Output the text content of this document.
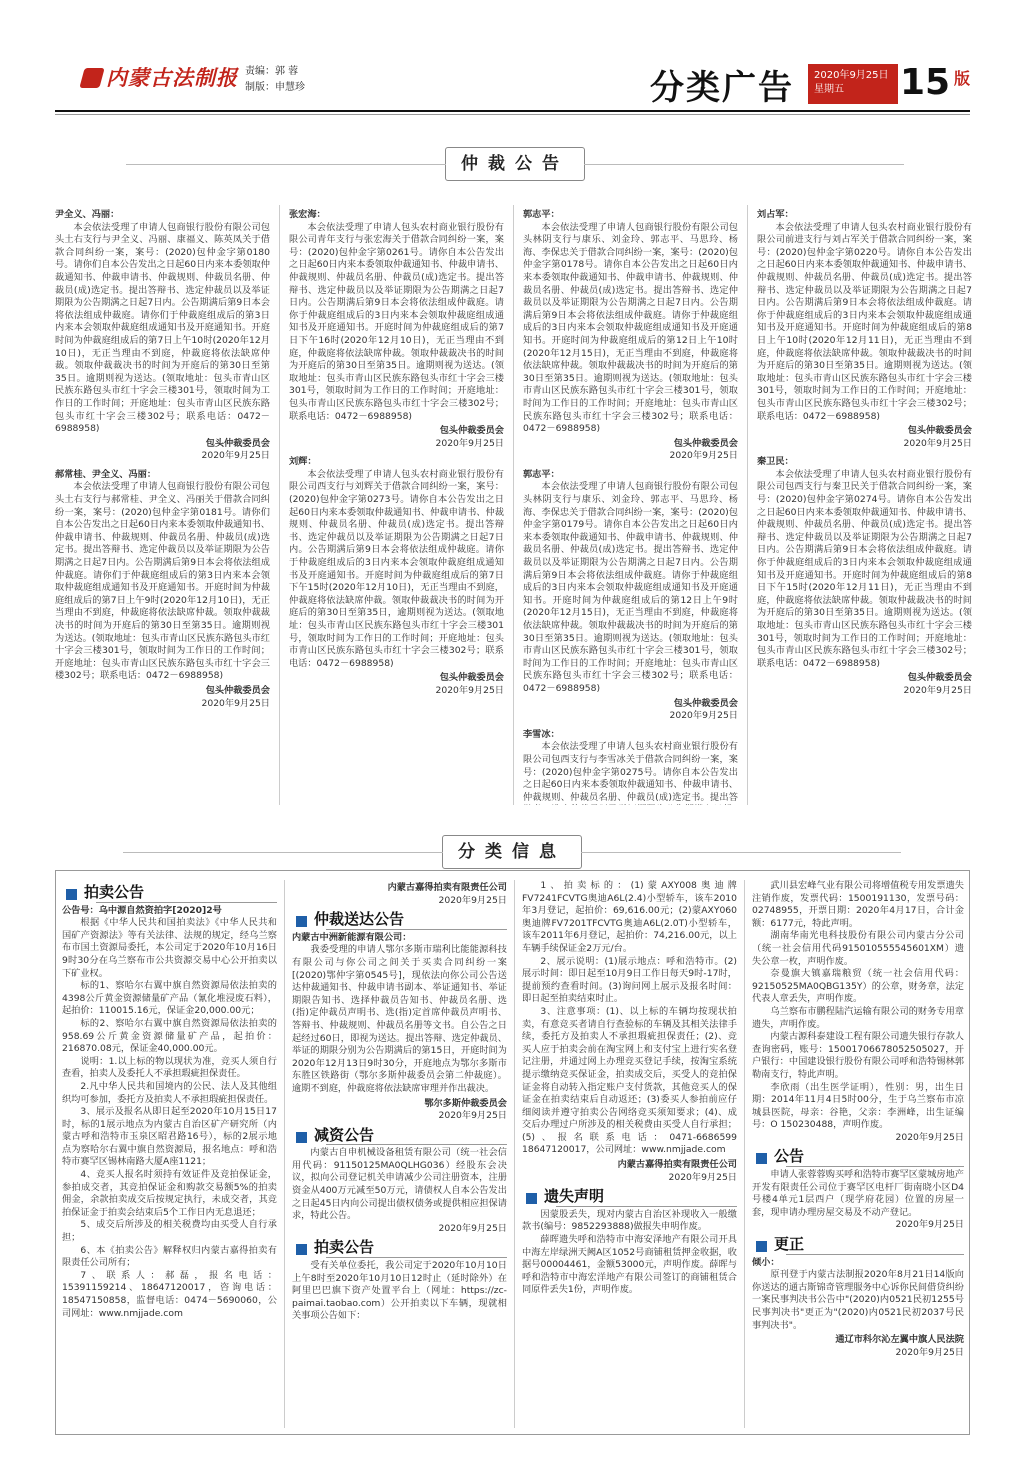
内蒙古法制报 责编：郭 蓉
制版：申慧珍	分类广告 2020年9月25日
星期五	15 版
仲裁公告

尹全义、冯丽：

本会依法受理了申请人包商银行股份有限公司包头土右支行与尹全义、冯丽、康福义、陈英凤关于借款合同纠纷一案，案号：(2020)包仲金字第0180号。请你们自本公告发出之日起60日内来本委领取仲裁通知书、仲裁申请书、仲裁规则、仲裁员名册、仲裁员(成)选定书。提出答辩书、选定仲裁员以及举证期限为公告期满之日起7日内。公告期满后第9日本会将依法组成仲裁庭。请你们于仲裁庭组成后的第3日内来本会领取仲裁庭组成通知书及开庭通知书。开庭时间为仲裁庭组成后的第7日上午10时(2020年12月10日)，无正当理由不到庭，仲裁庭将依法缺席仲裁。领取仲裁裁决书的时间为开庭后的第30日至第35日。逾期则视为送达。(领取地址：包头市青山区民族东路包头市红十字会三楼301号，领取时间为工作日的工作时间；开庭地址：包头市青山区民族东路包头市红十字会三楼302号；联系电话：0472－6988958)

包头仲裁委员会

2020年9月25日

郝常桂、尹全义、冯丽：

本会依法受理了申请人包商银行股份有限公司包头土右支行与郝常桂、尹全义、冯丽关于借款合同纠纷一案，案号：(2020)包仲金字第0181号。请你们自本公告发出之日起60日内来本委领取仲裁通知书、仲裁申请书、仲裁规则、仲裁员名册、仲裁员(成)选定书。提出答辩书、选定仲裁员以及举证期限为公告期满之日起7日内。公告期满后第9日本会将依法组成仲裁庭。请你们于仲裁庭组成后的第3日内来本会领取仲裁庭组成通知书及开庭通知书。开庭时间为仲裁庭组成后的第7日上午9时(2020年12月10日)，无正当理由不到庭，仲裁庭将依法缺席仲裁。领取仲裁裁决书的时间为开庭后的第30日至第35日。逾期则视为送达。(领取地址：包头市青山区民族东路包头市红十字会三楼301号，领取时间为工作日的工作时间；开庭地址：包头市青山区民族东路包头市红十字会三楼302号；联系电话：0472－6988958)

包头仲裁委员会

2020年9月25日

张宏海：

本会依法受理了申请人包头农村商业银行股份有限公司青年支行与张宏海关于借款合同纠纷一案，案号：(2020)包仲金字第0261号。请你自本公告发出之日起60日内来本委领取仲裁通知书、仲裁申请书、仲裁规则、仲裁员名册、仲裁员(成)选定书。提出答辩书、选定仲裁员以及举证期限为公告期满之日起7日内。公告期满后第9日本会将依法组成仲裁庭。请你于仲裁庭组成后的3日内来本会领取仲裁庭组成通知书及开庭通知书。开庭时间为仲裁庭组成后的第7日下午16时(2020年12月10日)，无正当理由不到庭，仲裁庭将依法缺席仲裁。领取仲裁裁决书的时间为开庭后的第30日至第35日。逾期则视为送达。(领取地址：包头市青山区民族东路包头市红十字会三楼301号，领取时间为工作日的工作时间；开庭地址：包头市青山区民族东路包头市红十字会三楼302号；联系电话：0472－6988958)

包头仲裁委员会

2020年9月25日

刘辉：

本会依法受理了申请人包头农村商业银行股份有限公司西支行与刘辉关于借款合同纠纷一案，案号：(2020)包仲金字第0273号。请你自本公告发出之日起60日内来本委领取仲裁通知书、仲裁申请书、仲裁规则、仲裁员名册、仲裁员(成)选定书。提出答辩书、选定仲裁员以及举证期限为公告期满之日起7日内。公告期满后第9日本会将依法组成仲裁庭。请你于仲裁庭组成后的3日内来本会领取仲裁庭组成通知书及开庭通知书。开庭时间为仲裁庭组成后的第7日下午15时(2020年12月10日)，无正当理由不到庭，仲裁庭将依法缺席仲裁。领取仲裁裁决书的时间为开庭后的第30日至第35日，逾期则视为送达。(领取地址：包头市青山区民族东路包头市红十字会三楼301号，领取时间为工作日的工作时间；开庭地址：包头市青山区民族东路包头市红十字会三楼302号；联系电话：0472－6988958)

包头仲裁委员会

2020年9月25日

郭志平：

本会依法受理了申请人包商银行股份有限公司包头林阴支行与康乐、刘金玲、郭志平、马思玲、杨海、李保忠关于借款合同纠纷一案，案号：(2020)包仲金字第0178号。请你自本公告发出之日起60日内来本委领取仲裁通知书、仲裁申请书、仲裁规则、仲裁员名册、仲裁员(成)选定书。提出答辩书、选定仲裁员以及举证期限为公告期满之日起7日内。公告期满后第9日本会将依法组成仲裁庭。请你于仲裁庭组成后的3日内来本会领取仲裁庭组成通知书及开庭通知书。开庭时间为仲裁庭组成后的第12日上午10时(2020年12月15日)，无正当理由不到庭，仲裁庭将依法缺席仲裁。领取仲裁裁决书的时间为开庭后的第30日至第35日。逾期则视为送达。(领取地址：包头市青山区民族东路包头市红十字会三楼301号，领取时间为工作日的工作时间；开庭地址：包头市青山区民族东路包头市红十字会三楼302号；联系电话：0472－6988958)

包头仲裁委员会

2020年9月25日

郭志平：

本会依法受理了申请人包商银行股份有限公司包头林阴支行与康乐、刘金玲、郭志平、马思玲、杨海、李保忠关于借款合同纠纷一案，案号：(2020)包仲金字第0179号。请你自本公告发出之日起60日内来本委领取仲裁通知书、仲裁申请书、仲裁规则、仲裁员名册、仲裁员(成)选定书。提出答辩书、选定仲裁员以及举证期限为公告期满之日起7日内。公告期满后第9日本会将依法组成仲裁庭。请你于仲裁庭组成后的3日内来本会领取仲裁庭组成通知书及开庭通知书。开庭时间为仲裁庭组成后的第12日上午9时(2020年12月15日)，无正当理由不到庭，仲裁庭将依法缺席仲裁。领取仲裁裁决书的时间为开庭后的第30日至第35日。逾期则视为送达。(领取地址：包头市青山区民族东路包头市红十字会三楼301号，领取时间为工作日的工作时间；开庭地址：包头市青山区民族东路包头市红十字会三楼302号；联系电话：0472－6988958)

包头仲裁委员会

2020年9月25日

李雪冰：

本会依法受理了申请人包头农村商业银行股份有限公司包西支行与李雪冰关于借款合同纠纷一案，案号：(2020)包仲金字第0275号。请你自本公告发出之日起60日内来本委领取仲裁通知书、仲裁申请书、仲裁规则、仲裁员名册、仲裁员(成)选定书。提出答

刘占军：

本会依法受理了申请人包头农村商业银行股份有限公司前进支行与刘占军关于借款合同纠纷一案，案号：(2020)包仲金字第0220号。请你自本公告发出之日起60日内来本委领取仲裁通知书、仲裁申请书、仲裁规则、仲裁员名册、仲裁员(成)选定书。提出答辩书、选定仲裁员以及举证期限为公告期满之日起7日内。公告期满后第9日本会将依法组成仲裁庭。请你于仲裁庭组成后的3日内来本会领取仲裁庭组成通知书及开庭通知书。开庭时间为仲裁庭组成后的第8日上午10时(2020年12月11日)，无正当理由不到庭，仲裁庭将依法缺席仲裁。领取仲裁裁决书的时间为开庭后的第30日至第35日。逾期则视为送达。(领取地址：包头市青山区民族东路包头市红十字会三楼301号，领取时间为工作日的工作时间；开庭地址：包头市青山区民族东路包头市红十字会三楼302号；联系电话：0472－6988958)

包头仲裁委员会

2020年9月25日

秦卫民：

本会依法受理了申请人包头农村商业银行股份有限公司包西支行与秦卫民关于借款合同纠纷一案，案号：(2020)包仲金字第0274号。请你自本公告发出之日起60日内来本委领取仲裁通知书、仲裁申请书、仲裁规则、仲裁员名册、仲裁员(成)选定书。提出答辩书、选定仲裁员以及举证期限为公告期满之日起7日内。公告期满后第9日本会将依法组成仲裁庭。请你于仲裁庭组成后的3日内来本会领取仲裁庭组成通知书及开庭通知书。开庭时间为仲裁庭组成后的第8日下午15时(2020年12月11日)，无正当理由不到庭，仲裁庭将依法缺席仲裁。领取仲裁裁决书的时间为开庭后的第30日至第35日。逾期则视为送达。(领取地址：包头市青山区民族东路包头市红十字会三楼301号，领取时间为工作日的工作时间；开庭地址：包头市青山区民族东路包头市红十字会三楼302号；联系电话：0472－6988958)

包头仲裁委员会

2020年9月25日

分类信息
拍卖公告

公告号：乌中源自然资拍字[2020]2号

根据《中华人民共和国拍卖法》《中华人民共和国矿产资源法》等有关法律、法规的规定，经乌兰察布市国土资源局委托，本公司定于2020年10月16日9时30分在乌兰察布市公共资源交易中心公开拍卖以下矿业权。

标的1、察哈尔右翼中旗自然资源局依法拍卖的4398公斤黄金资源储量矿产品（氰化堆浸废石料），起拍价：110015.16元，保证金20,000.00元；

标的2、察哈尔右翼中旗自然资源局依法拍卖的958.69公斤黄金资源储量矿产品，起拍价：216870.08元，保证金40,000.00元。

说明：1.以上标的物以现状为准，竞买人须自行查看，拍卖人及委托人不承担瑕疵担保责任。

2.凡中华人民共和国境内的公民、法人及其他组织均可参加，委托方及拍卖人不承担瑕疵担保责任。

3、展示及报名从即日起至2020年10月15日17时，标的1展示地点为内蒙古自治区矿产研究所（内蒙古呼和浩特市玉泉区昭君路16号），标的2展示地点为察哈尔右翼中旗自然资源局，报名地点：呼和浩特市赛罕区锡林南路大厦A座1121；

4、竞买人报名时须持有效证件及竞拍保证金，参拍成交者，其竞拍保证金和购款交易额5%的拍卖佣金，余款拍卖成交后按规定执行，未成交者，其竞拍保证金于拍卖会结束后5个工作日内无息退还；

5、成交后所涉及的相关税费均由买受人自行承担；

6、本《拍卖公告》解释权归内蒙古嘉得拍卖有限责任公司所有；

7、联系人：郝磊，报名电话：15391159214、18647120017，咨询电话：18547150858，监督电话：0474－5690060，公司网址：www.nmjjade.com

内蒙古嘉得拍卖有限责任公司

2020年9月25日

仲裁送达公告

内蒙古中洲新能源有限公司：

我委受理的申请人鄂尔多斯市瑞利比能能源科技有限公司与你公司之间关于买卖合同纠纷一案[(2020)鄂仲字第0545号]，现依法向你公司公告送达仲裁通知书、仲裁申请书副本、举证通知书、举证期限告知书、选择仲裁员告知书、仲裁员名册、选(指)定仲裁员声明书、选(指)定首席仲裁员声明书、答辩书、仲裁规则、仲裁员名册等文书。自公告之日起经过60日，即视为送达。提出答辩、选定仲裁员、举证的期限分别为公告期满后的第15日，开庭时间为2020年12月13日9时30分，开庭地点为鄂尔多斯市东胜区铁路街（鄂尔多斯仲裁委员会第二仲裁庭）。逾期不到庭，仲裁庭将依法缺席审理并作出裁决。

鄂尔多斯仲裁委员会

2020年9月25日

减资公告

内蒙古自申机械设备租赁有限公司（统一社会信用代码：91150125MA0QLHG036）经股东会决议，拟向公司登记机关申请减少公司注册资本，注册资金从400万元减至50万元，请债权人自本公告发出之日起45日内向公司提出债权债务或提供相应担保请求，特此公告。

2020年9月25日

拍卖公告

受有关单位委托，我公司定于2020年10月10日上午8时至2020年10月10日12时止（延时除外）在阿里巴巴旗下资产处置平台上（网址：https://zc-paimai.taobao.com）公开拍卖以下车辆，现就相关事项公告如下：

1、拍卖标的：(1)蒙AXY008奥迪牌FV7241FCVTG奥迪A6L(2.4)小型轿车，该车2010年3月登记，起拍价：69,616.00元；(2)蒙AXY060奥迪牌FV7201TFCVTG奥迪A6L(2.0T)小型轿车，该车2011年6月登记，起拍价：74,216.00元，以上车辆手续保证金2万元/台。

2、展示说明：(1)展示地点：呼和浩特市。(2)展示时间：即日起至10月9日工作日每天9时-17时，提前预约查看时间。(3)询问网上展示及报名时间：即日起至拍卖结束时止。

3、注意事项：(1)、以上标的车辆均按现状拍卖，有意竞买者请自行查验标的车辆及其相关法律手续，委托方及拍卖人不承担瑕疵担保责任；(2)、竞买人应于拍卖会前在淘宝网上和支付宝上进行实名登记注册，并通过网上办理竞买登记手续，按淘宝系统提示缴纳竞买保证金，拍卖成交后，买受人的竞拍保证金将自动转入指定账户支付货款，其他竞买人的保证金在拍卖结束后自动返还；(3)委买人参拍前应仔细阅读并遵守拍卖公告网络竞买须知要求；(4)、成交后办理过户所涉及的相关税费由买受人自行承担；(5)、报名联系电话：0471-6686599 18647120017，公司网址：www.nmjjade.com

内蒙古嘉得拍卖有限责任公司

2020年9月25日

遗失声明

因蒙股丢失，现对内蒙古自治区补现收入一般缴款书(编号：9852293888)做报失申明作废。

薛晖遗失呼和浩特市中海安泽地产有限公司开具中海左岸绿洲天阙A区1052号商铺租赁押金收据，收据号00004461，金额53000元，声明作废。薛晖与呼和浩特市中海宏洋地产有限公司签订的商铺租赁合同原件丢失1份，声明作废。

武川县宏峰气业有限公司将增值税专用发票遗失注销作废，发票代码：1500191130，发票号码：02748955，开票日期：2020年4月17日，合计金额：6177元，特此声明。

湖南华南光电科技股份有限公司内蒙古分公司（统一社会信用代码915010555545601XM）遗失公章一枚，声明作废。

奈曼旗大镇嘉瑞粮贸（统一社会信用代码：92150525MA0QBG135Y）的公章，财务章，法定代表人章丢失，声明作废。

乌兰察布市鹏程陆汽运输有限公司的财务专用章遗失，声明作废。

内蒙古源科泰建设工程有限公司遗失银行存款人查询密码，账号：15001706678052505027，开户银行：中国建设银行股份有限公司呼和浩特锡林郭勒南支行，特此声明。

李欣雨（出生医学证明），性别：男，出生日期：2014年11月4日5时00分，生于乌兰察布市凉城县医院，母亲：谷艳，父亲：李洲峰，出生证编号：O 150230488，声明作废。

2020年9月25日

公告

申请人张蓉蓉购买呼和浩特市赛罕区蒙城房地产开发有限责任公司位于赛罕区电杆厂街南晓小区D4号楼4单元1层西户（现学府花园）位置的房屋一套，现申请办理房屋交易及不动产登记。

2020年9月25日

更正

倾小：

原刊登于内蒙古法制报2020年8月21日14版向你送达的通古斯锦奇管理服务中心诉你民间借贷纠纷一案民事判决书公告中"(2020)内0521民初1255号民事判决书"更正为"(2020)内0521民初2037号民事判决书"。

通辽市科尔沁左翼中旗人民法院

2020年9月25日
